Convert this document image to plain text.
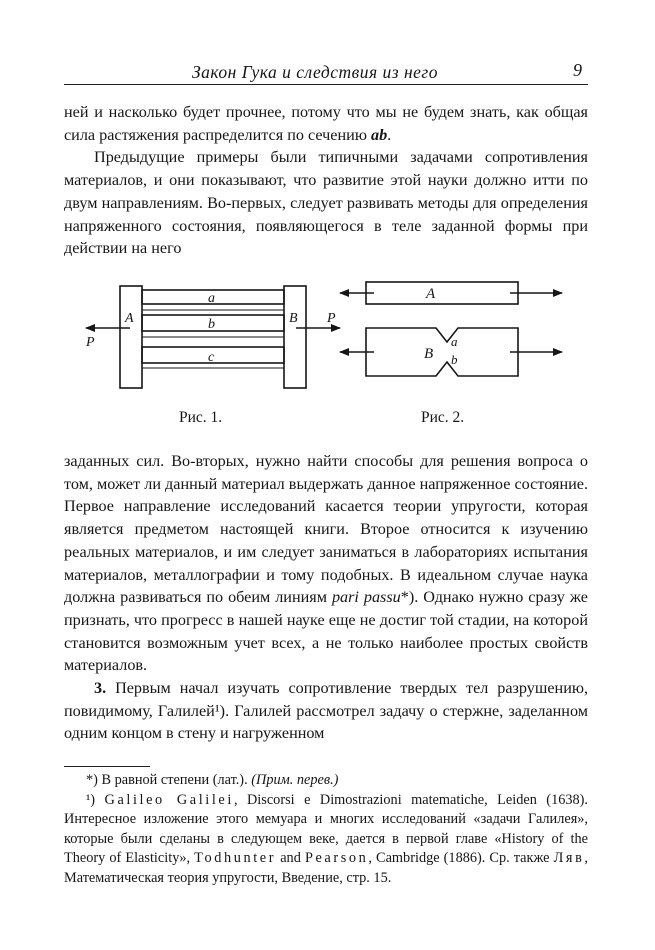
Закон Гука и следствия из него	9

ней и насколько будет прочнее, потому что мы не будем знать, как общая сила растяжения распределится по сечению ab.

Предыдущие примеры были типичными задачами сопротивления материалов, и они показывают, что развитие этой науки должно итти по двум направлениям. Во-первых, следует развивать методы для определения напряженного состояния, появляющегося в теле заданной формы при действии на него

A	B
P
P
a
b
c
A
B
a
b
Рис. 1.	Рис. 2.

заданных сил. Во-вторых, нужно найти способы для решения вопроса о том, может ли данный материал выдержать данное напряженное состояние. Первое направление исследований касается теории упругости, которая является предметом настоящей книги. Второе относится к изучению реальных материалов, и им следует заниматься в лабораториях испытания материалов, металлографии и тому подобных. В идеальном случае наука должна развиваться по обеим линиям pari passu*). Однако нужно сразу же признать, что прогресс в нашей науке еще не достиг той стадии, на которой становится возможным учет всех, а не только наиболее простых свойств материалов.

3. Первым начал изучать сопротивление твердых тел разрушению, повидимому, Галилей¹). Галилей рассмотрел задачу о стержне, заделанном одним концом в стену и нагруженном

*) В равной степени (лат.). (Прим. перев.)

¹) Galileo Galilei, Discorsi e Dimostrazioni matematiche, Leiden (1638). Интересное изложение этого мемуара и многих исследований «задачи Галилея», которые были сделаны в следующем веке, дается в первой главе «History of the Theory of Elasticity», Todhunter and Pearson, Cambridge (1886). Ср. также Ляв, Математическая теория упругости, Введение, стр. 15.
